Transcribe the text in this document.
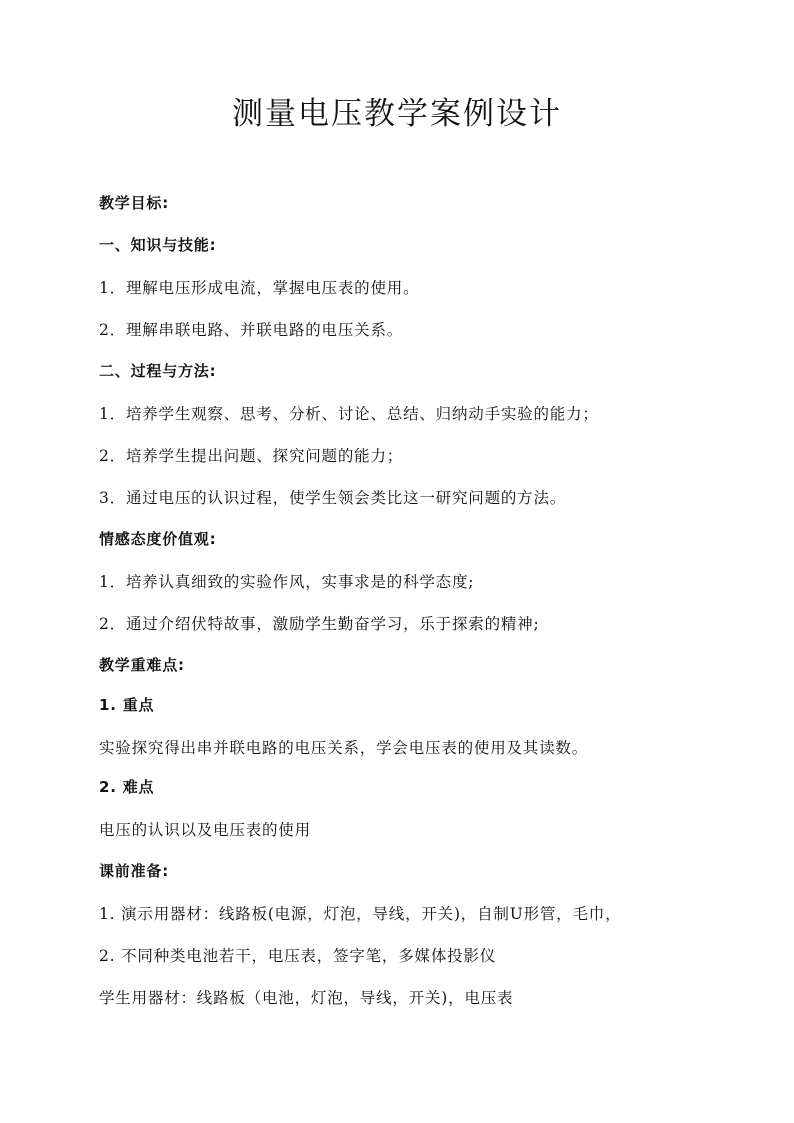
测量电压教学案例设计
教学目标:
一、知识与技能:
1．理解电压形成电流，掌握电压表的使用。
2．理解串联电路、并联电路的电压关系。
二、过程与方法:
1．培养学生观察、思考、分析、讨论、总结、归纳动手实验的能力；
2．培养学生提出问题、探究问题的能力；
3．通过电压的认识过程，使学生领会类比这一研究问题的方法。
情感态度价值观:
1．培养认真细致的实验作风，实事求是的科学态度;
2．通过介绍伏特故事，激励学生勤奋学习，乐于探索的精神;
教学重难点:
1. 重点
实验探究得出串并联电路的电压关系，学会电压表的使用及其读数。
2. 难点
电压的认识以及电压表的使用
课前准备:
1. 演示用器材：线路板(电源，灯泡，导线，开关)，自制U形管，毛巾，
2. 不同种类电池若干，电压表，签字笔，多媒体投影仪
学生用器材：线路板（电池，灯泡，导线，开关)，电压表
